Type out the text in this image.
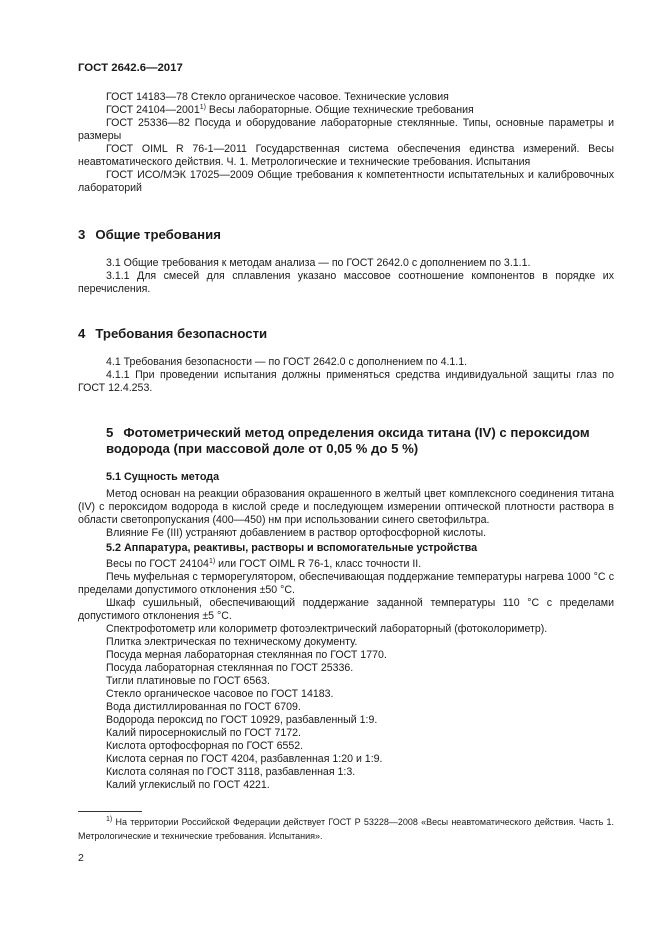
ГОСТ 2642.6—2017

ГОСТ 14183—78 Стекло органическое часовое. Технические условия

ГОСТ 24104—2001$^{1)}$ Весы лабораторные. Общие технические требования

ГОСТ 25336—82 Посуда и оборудование лабораторные стеклянные. Типы, основные параметры и размеры

ГОСТ OIML R 76-1—2011 Государственная система обеспечения единства измерений. Весы неавтоматического действия. Ч. 1. Метрологические и технические требования. Испытания

ГОСТ ИСО/МЭК 17025—2009 Общие требования к компетентности испытательных и калибровочных лабораторий

3 Общие требования

3.1 Общие требования к методам анализа — по ГОСТ 2642.0 с дополнением по 3.1.1.

3.1.1 Для смесей для сплавления указано массовое соотношение компонентов в порядке их перечисления.

4 Требования безопасности

4.1 Требования безопасности — по ГОСТ 2642.0 с дополнением по 4.1.1.

4.1.1 При проведении испытания должны применяться средства индивидуальной защиты глаз по ГОСТ 12.4.253.

5 Фотометрический метод определения оксида титана (IV) с пероксидом водорода (при массовой доле от 0,05 % до 5 %)

5.1 Сущность метода

Метод основан на реакции образования окрашенного в желтый цвет комплексного соединения титана (IV) с пероксидом водорода в кислой среде и последующем измерении оптической плотности раствора в области светопропускания (400—450) нм при использовании синего светофильтра.

Влияние Fe (III) устраняют добавлением в раствор ортофосфорной кислоты.

5.2 Аппаратура, реактивы, растворы и вспомогательные устройства

Весы по ГОСТ 24104$^{1)}$ или ГОСТ OIML R 76-1, класс точности II.

Печь муфельная с терморегулятором, обеспечивающая поддержание температуры нагрева 1000 °С с пределами допустимого отклонения ±50 °С.

Шкаф сушильный, обеспечивающий поддержание заданной температуры 110 °С с пределами допустимого отклонения ±5 °С.

Спектрофотометр или колориметр фотоэлектрический лабораторный (фотоколориметр).

Плитка электрическая по техническому документу.

Посуда мерная лабораторная стеклянная по ГОСТ 1770.

Посуда лабораторная стеклянная по ГОСТ 25336.

Тигли платиновые по ГОСТ 6563.

Стекло органическое часовое по ГОСТ 14183.

Вода дистиллированная по ГОСТ 6709.

Водорода пероксид по ГОСТ 10929, разбавленный 1:9.

Калий пиросернокислый по ГОСТ 7172.

Кислота ортофосфорная по ГОСТ 6552.

Кислота серная по ГОСТ 4204, разбавленная 1:20 и 1:9.

Кислота соляная по ГОСТ 3118, разбавленная 1:3.

Калий углекислый по ГОСТ 4221.

$^{1)}$ На территории Российской Федерации действует ГОСТ Р 53228—2008 «Весы неавтоматического действия. Часть 1. Метрологические и технические требования. Испытания».

2
